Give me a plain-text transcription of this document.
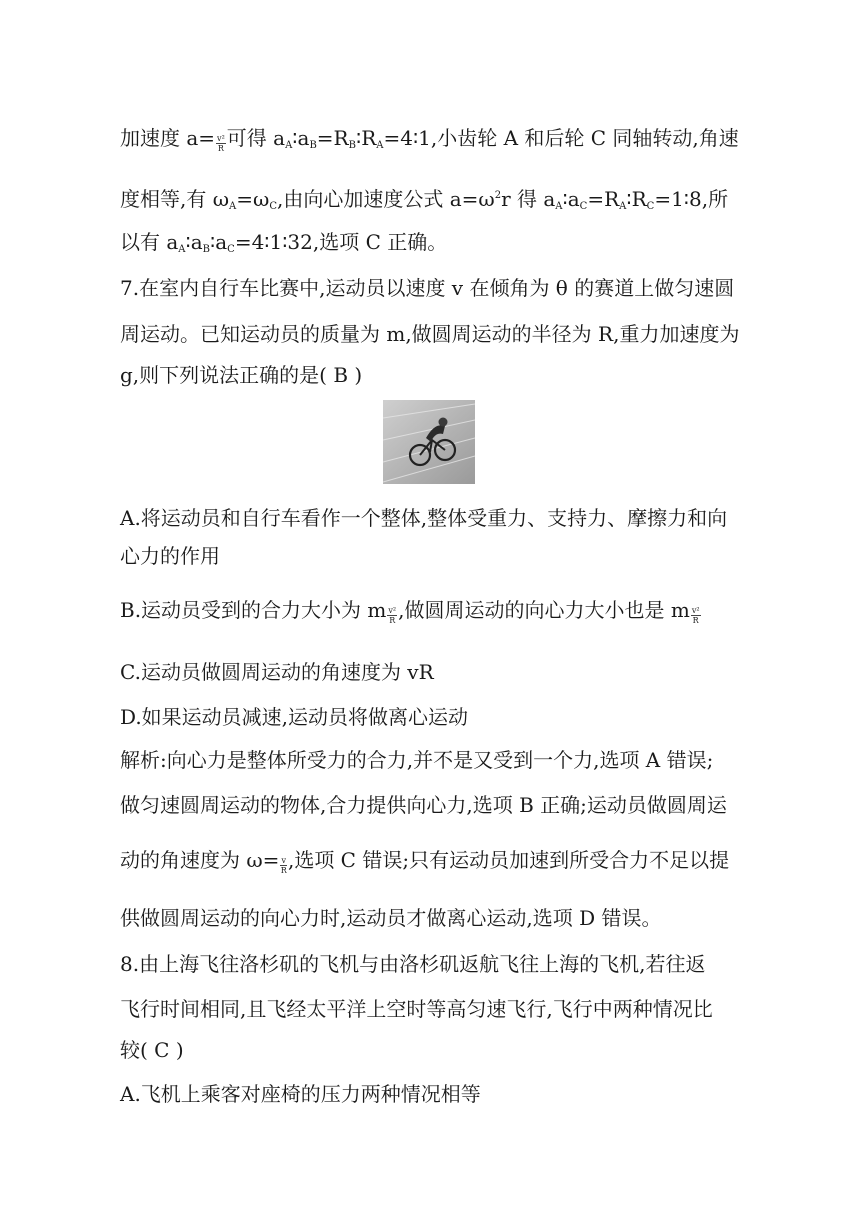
加速度 $a= \frac{\text{v²}}{R}$ 可得 $a_A∶a_B=R_B∶R_A=4∶1$,小齿轮 A 和后轮 C 同轴转动,角速
度相等,有 $\omega_A=\omega_C$,由向心加速度公式 $a=\omega^2r$ 得 $a_A∶a_C=R_A∶R_C=1∶8$,所
以有 $a_A∶a_B∶a_C=4∶1∶32$,选项 C 正确。
7.在室内自行车比赛中,运动员以速度 v 在倾角为 θ 的赛道上做匀速圆
周运动。已知运动员的质量为 m,做圆周运动的半径为 R,重力加速度为
g,则下列说法正确的是( B )
A.将运动员和自行车看作一个整体,整体受重力、支持力、摩擦力和向
心力的作用
B.运动员受到的合力大小为 m $\frac{\text{v²}}{R}$ ,做圆周运动的向心力大小也是 m $\frac{\text{v²}}{R}$
C.运动员做圆周运动的角速度为 vR
D.如果运动员减速,运动员将做离心运动
解析:向心力是整体所受力的合力,并不是又受到一个力,选项 A 错误;
做匀速圆周运动的物体,合力提供向心力,选项 B 正确;运动员做圆周运
动的角速度为 $\omega= \frac{v}{R}$ ,选项 C 错误;只有运动员加速到所受合力不足以提
供做圆周运动的向心力时,运动员才做离心运动,选项 D 错误。
8.由上海飞往洛杉矶的飞机与由洛杉矶返航飞往上海的飞机,若往返
飞行时间相同,且飞经太平洋上空时等高匀速飞行,飞行中两种情况比
较( C )
A.飞机上乘客对座椅的压力两种情况相等
